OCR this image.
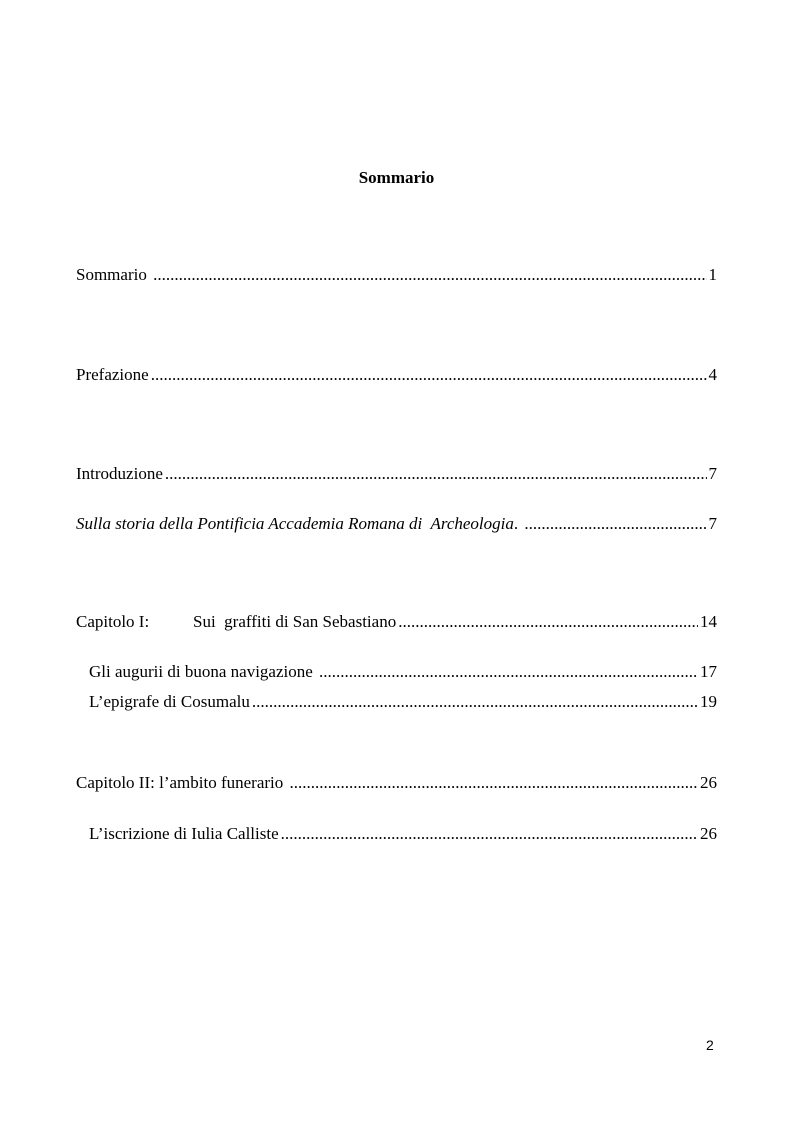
Sommario
Sommario .....	1
Prefazione .....	4
Introduzione .....	7
Sulla storia della Pontificia Accademia Romana di  Archeologia . .....	7
Capitolo I:	Sui  graffiti di San Sebastiano .....	14
Gli augurii di buona navigazione .....	17
L’epigrafe di Cosumalu .....	19
Capitolo II: l’ambito funerario .....	26
L’iscrizione di Iulia Calliste .....	26
2
